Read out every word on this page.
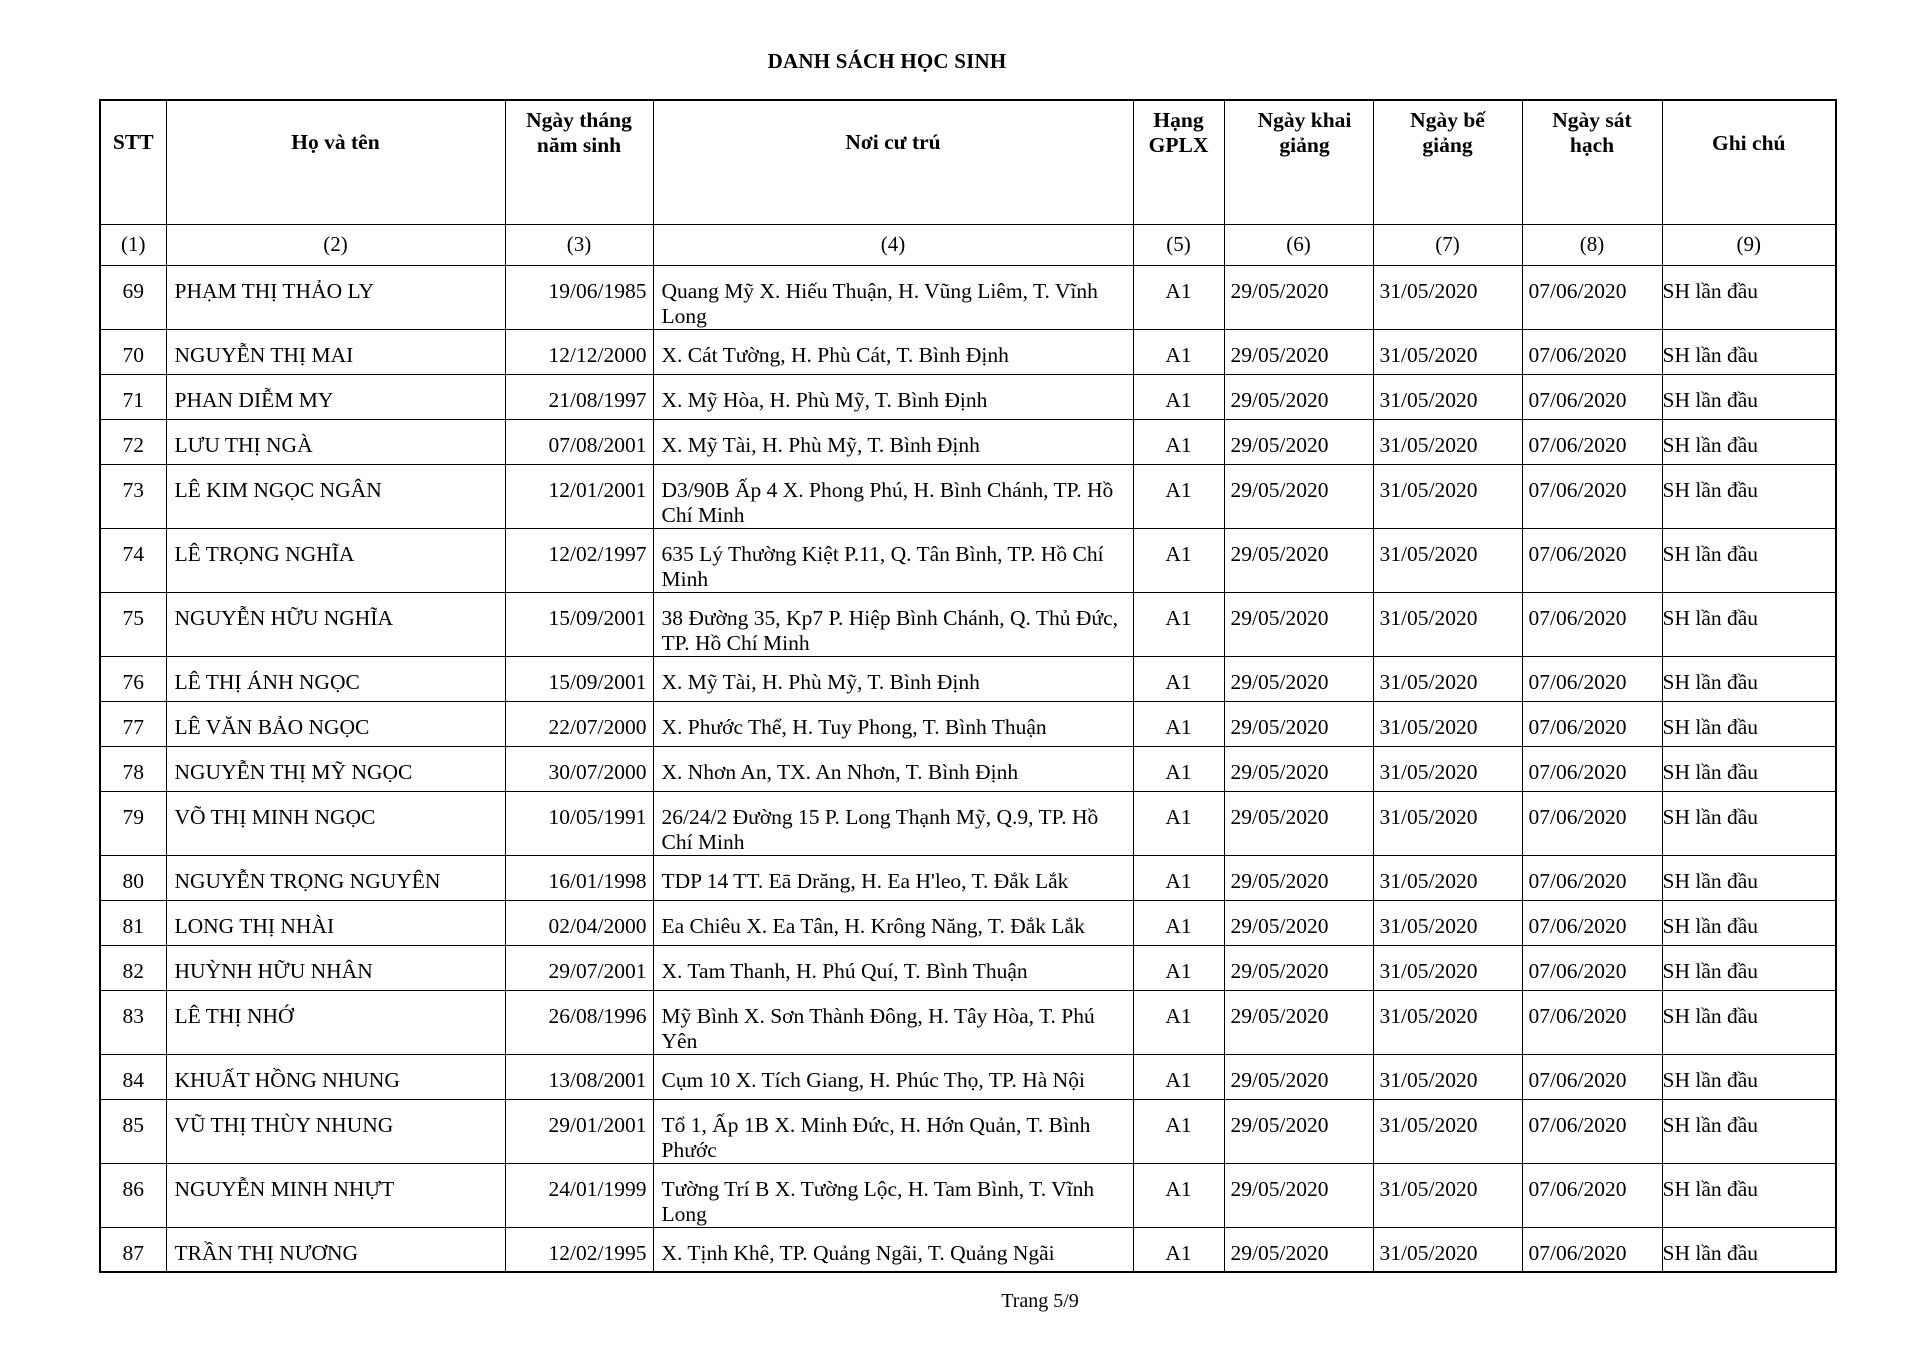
DANH SÁCH HỌC SINH
STT	Họ và tên	Ngày tháng năm sinh	Nơi cư trú	Hạng GPLX	Ngày khai giảng	Ngày bế giảng	Ngày sát hạch	Ghi chú
(1)	(2)	(3)	(4)	(5)	(6)	(7)	(8)	(9)
69	PHẠM THỊ THẢO LY	19/06/1985	Quang Mỹ X. Hiếu Thuận, H. Vũng Liêm, T. Vĩnh Long	A1	29/05/2020	31/05/2020	07/06/2020	SH lần đầu
70	NGUYỄN THỊ MAI	12/12/2000	X. Cát Tường, H. Phù Cát, T. Bình Định	A1	29/05/2020	31/05/2020	07/06/2020	SH lần đầu
71	PHAN DIỄM MY	21/08/1997	X. Mỹ Hòa, H. Phù Mỹ, T. Bình Định	A1	29/05/2020	31/05/2020	07/06/2020	SH lần đầu
72	LƯU THỊ NGÀ	07/08/2001	X. Mỹ Tài, H. Phù Mỹ, T. Bình Định	A1	29/05/2020	31/05/2020	07/06/2020	SH lần đầu
73	LÊ KIM NGỌC NGÂN	12/01/2001	D3/90B Ấp 4 X. Phong Phú, H. Bình Chánh, TP. Hồ Chí Minh	A1	29/05/2020	31/05/2020	07/06/2020	SH lần đầu
74	LÊ TRỌNG NGHĨA	12/02/1997	635 Lý Thường Kiệt P.11, Q. Tân Bình, TP. Hồ Chí Minh	A1	29/05/2020	31/05/2020	07/06/2020	SH lần đầu
75	NGUYỄN HỮU NGHĨA	15/09/2001	38 Đường 35, Kp7 P. Hiệp Bình Chánh, Q. Thủ Đức, TP. Hồ Chí Minh	A1	29/05/2020	31/05/2020	07/06/2020	SH lần đầu
76	LÊ THỊ ÁNH NGỌC	15/09/2001	X. Mỹ Tài, H. Phù Mỹ, T. Bình Định	A1	29/05/2020	31/05/2020	07/06/2020	SH lần đầu
77	LÊ VĂN BẢO NGỌC	22/07/2000	X. Phước Thể, H. Tuy Phong, T. Bình Thuận	A1	29/05/2020	31/05/2020	07/06/2020	SH lần đầu
78	NGUYỄN THỊ MỸ NGỌC	30/07/2000	X. Nhơn An, TX. An Nhơn, T. Bình Định	A1	29/05/2020	31/05/2020	07/06/2020	SH lần đầu
79	VÕ THỊ MINH NGỌC	10/05/1991	26/24/2 Đường 15 P. Long Thạnh Mỹ, Q.9, TP. Hồ Chí Minh	A1	29/05/2020	31/05/2020	07/06/2020	SH lần đầu
80	NGUYỄN TRỌNG NGUYÊN	16/01/1998	TDP 14 TT. Eā Drăng, H. Ea H'leo, T. Đắk Lắk	A1	29/05/2020	31/05/2020	07/06/2020	SH lần đầu
81	LONG THỊ NHÀI	02/04/2000	Ea Chiêu X. Ea Tân, H. Krông Năng, T. Đắk Lắk	A1	29/05/2020	31/05/2020	07/06/2020	SH lần đầu
82	HUỲNH HỮU NHÂN	29/07/2001	X. Tam Thanh, H. Phú Quí, T. Bình Thuận	A1	29/05/2020	31/05/2020	07/06/2020	SH lần đầu
83	LÊ THỊ NHỚ	26/08/1996	Mỹ Bình X. Sơn Thành Đông, H. Tây Hòa, T. Phú Yên	A1	29/05/2020	31/05/2020	07/06/2020	SH lần đầu
84	KHUẤT HỒNG NHUNG	13/08/2001	Cụm 10 X. Tích Giang, H. Phúc Thọ, TP. Hà Nội	A1	29/05/2020	31/05/2020	07/06/2020	SH lần đầu
85	VŨ THỊ THÙY NHUNG	29/01/2001	Tổ 1, Ấp 1B X. Minh Đức, H. Hớn Quản, T. Bình Phước	A1	29/05/2020	31/05/2020	07/06/2020	SH lần đầu
86	NGUYỄN MINH NHỰT	24/01/1999	Tường Trí B X. Tường Lộc, H. Tam Bình, T. Vĩnh Long	A1	29/05/2020	31/05/2020	07/06/2020	SH lần đầu
87	TRẦN THỊ NƯƠNG	12/02/1995	X. Tịnh Khê, TP. Quảng Ngãi, T. Quảng Ngãi	A1	29/05/2020	31/05/2020	07/06/2020	SH lần đầu
Trang 5/9
